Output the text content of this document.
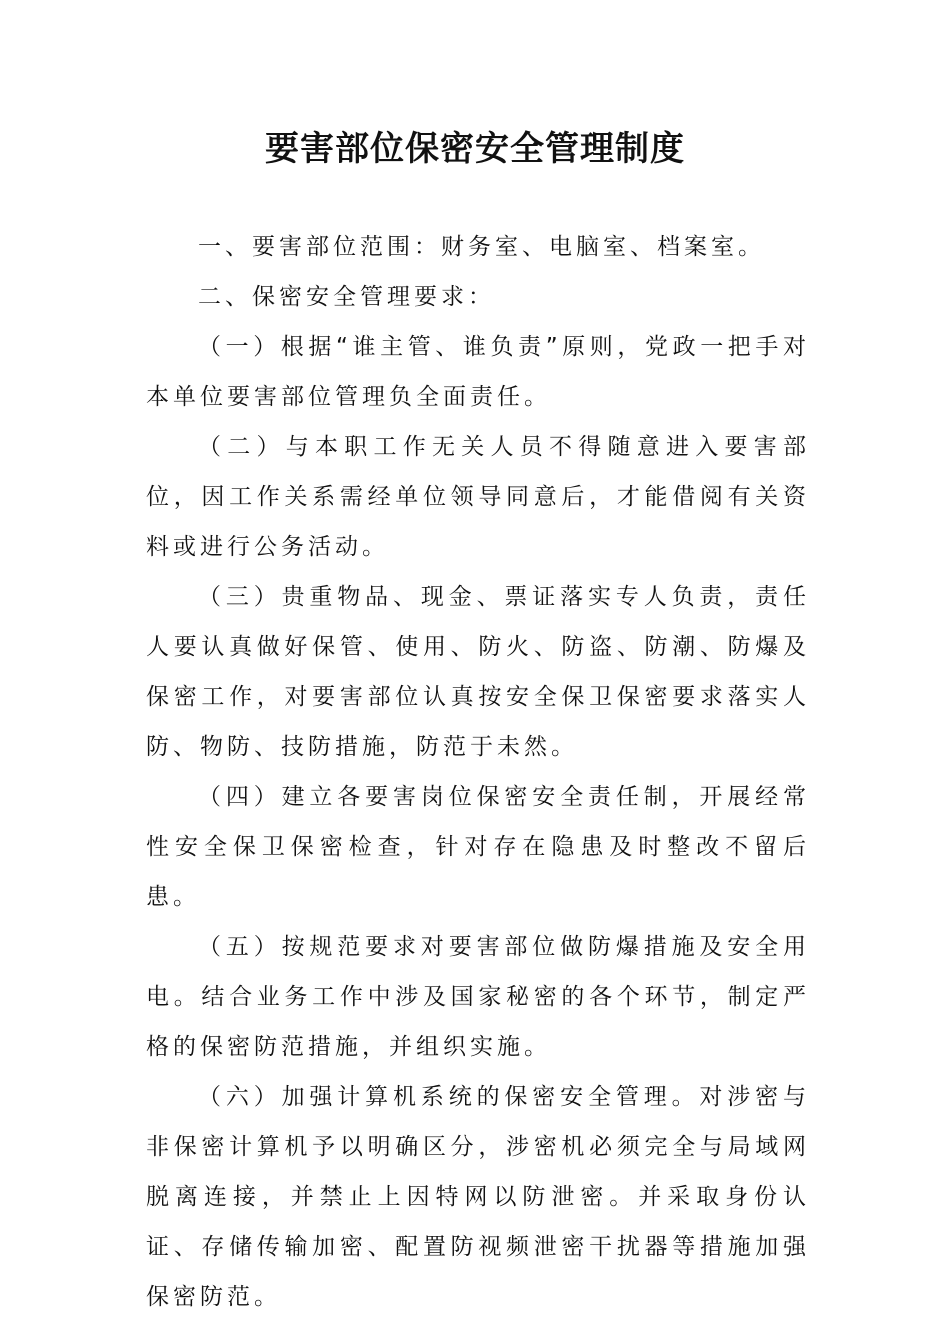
要害部位保密安全管理制度

一、要害部位范围：财务室、电脑室、档案室。

二、保密安全管理要求：

（一）根据“谁主管、谁负责”原则，党政一把手对本单位要害部位管理负全面责任。

（二）与本职工作无关人员不得随意进入要害部位，因工作关系需经单位领导同意后，才能借阅有关资料或进行公务活动。

（三）贵重物品、现金、票证落实专人负责，责任人要认真做好保管、使用、防火、防盗、防潮、防爆及保密工作，对要害部位认真按安全保卫保密要求落实人防、物防、技防措施，防范于未然。

（四）建立各要害岗位保密安全责任制，开展经常性安全保卫保密检查，针对存在隐患及时整改不留后患。

（五）按规范要求对要害部位做防爆措施及安全用电。结合业务工作中涉及国家秘密的各个环节，制定严格的保密防范措施，并组织实施。

（六）加强计算机系统的保密安全管理。对涉密与非保密计算机予以明确区分，涉密机必须完全与局域网脱离连接，并禁止上因特网以防泄密。并采取身份认证、存储传输加密、配置防视频泄密干扰器等措施加强保密防范。
